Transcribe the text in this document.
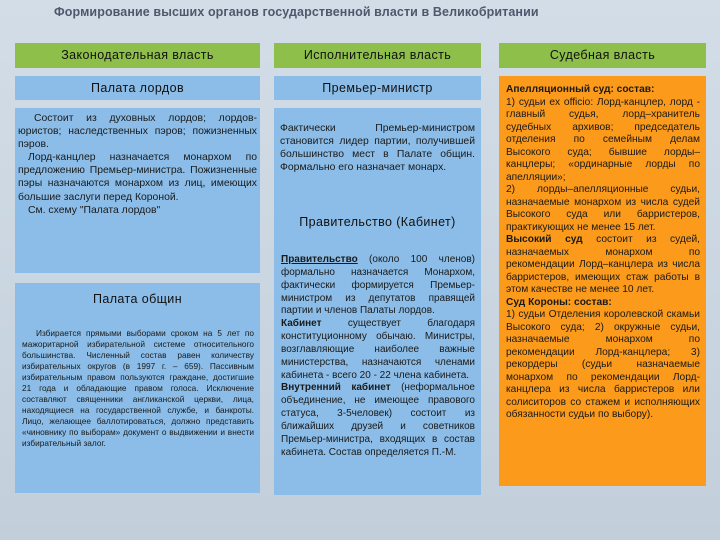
Формирование высших органов государственной власти в Великобритании
Законодательная власть
Палата лордов

Состоит из духовных лордов; лордов-юристов; наследственных пэров; пожизненных пэров.

Лорд-канцлер назначается монархом по предложению Премьер-министра. Пожизненные пэры назначаются монархом из лиц, имеющих большие заслуги перед Короной.

См. схему "Палата лордов"

Палата общин

Избирается прямыми выборами сроком на 5 лет по мажоритарной избирательной системе относительного большинства. Численный состав равен количеству избирательных округов (в 1997 г. – 659). Пассивным избирательным правом пользуются граждане, достигшие 21 года и обладающие правом голоса. Исключение составляют священники англиканской церкви, лица, находящиеся на государственной службе, и банкроты. Лицо, желающее баллотироваться, должно представить «чиновнику по выборам» документ о выдвижении и внести избирательный залог.

Исполнительная власть
Премьер-министр

Фактически Премьер-министром становится лидер партии, получившей большинство мест в Палате общин. Формально его назначает монарх.

Правительство (Кабинет)

Правительство (около 100 членов) формально назначается Монархом, фактически формируется Премьер-министром из депутатов правящей партии и членов Палаты лордов.

Кабинет существует благодаря конституционному обычаю. Министры, возглавляющие наиболее важные министерства, назначаются членами кабинета - всего 20 - 22 члена кабинета.

Внутренний кабинет (неформальное объединение, не имеющее правового статуса, 3-5человек) состоит из ближайших друзей и советников Премьер-министра, входящих в состав кабинета. Состав определяется П.-М.

Судебная власть

Апелляционный суд: состав:

1) судьи ex officio: Лорд-канцлер, лорд - главный судья, лорд–хранитель судебных архивов; председатель отделения по семейным делам Высокого суда; бывшие лорды–канцлеры; «ординарные лорды по апелляции»;

2) лорды–апелляционные судьи, назначаемые монархом из числа судей Высокого суда или барристеров, практикующих не менее 15 лет.

Высокий суд состоит из судей, назначаемых монархом по рекомендации Лорд–канцлера из числа барристеров, имеющих стаж работы в этом качестве не менее 10 лет.

Суд Короны: состав:

1) судьи Отделения королевской скамьи Высокого суда; 2) окружные судьи, назначаемые монархом по рекомендации Лорд-канцлера; 3) рекордеры (судьи назначаемые монархом по рекомендации Лорд-канцлера из числа барристеров или солиситоров со стажем и исполняющих обязанности судьи по выбору).
